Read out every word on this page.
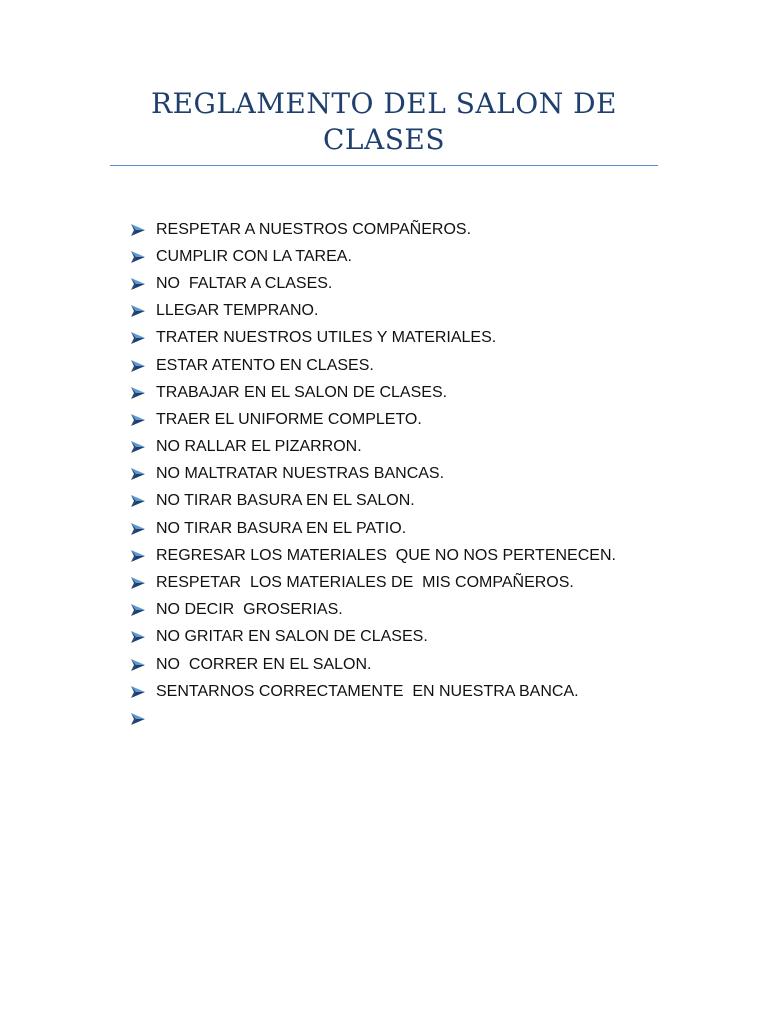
REGLAMENTO DEL SALON DE CLASES
RESPETAR A NUESTROS COMPAÑEROS.
CUMPLIR CON LA TAREA.
NO  FALTAR A CLASES.
LLEGAR TEMPRANO.
TRATER NUESTROS UTILES Y MATERIALES.
ESTAR ATENTO EN CLASES.
TRABAJAR EN EL SALON DE CLASES.
TRAER EL UNIFORME COMPLETO.
NO RALLAR EL PIZARRON.
NO MALTRATAR NUESTRAS BANCAS.
NO TIRAR BASURA EN EL SALON.
NO TIRAR BASURA EN EL PATIO.
REGRESAR LOS MATERIALES  QUE NO NOS PERTENECEN.
RESPETAR  LOS MATERIALES DE  MIS COMPAÑEROS.
NO DECIR  GROSERIAS.
NO GRITAR EN SALON DE CLASES.
NO  CORRER EN EL SALON.
SENTARNOS CORRECTAMENTE  EN NUESTRA BANCA.
